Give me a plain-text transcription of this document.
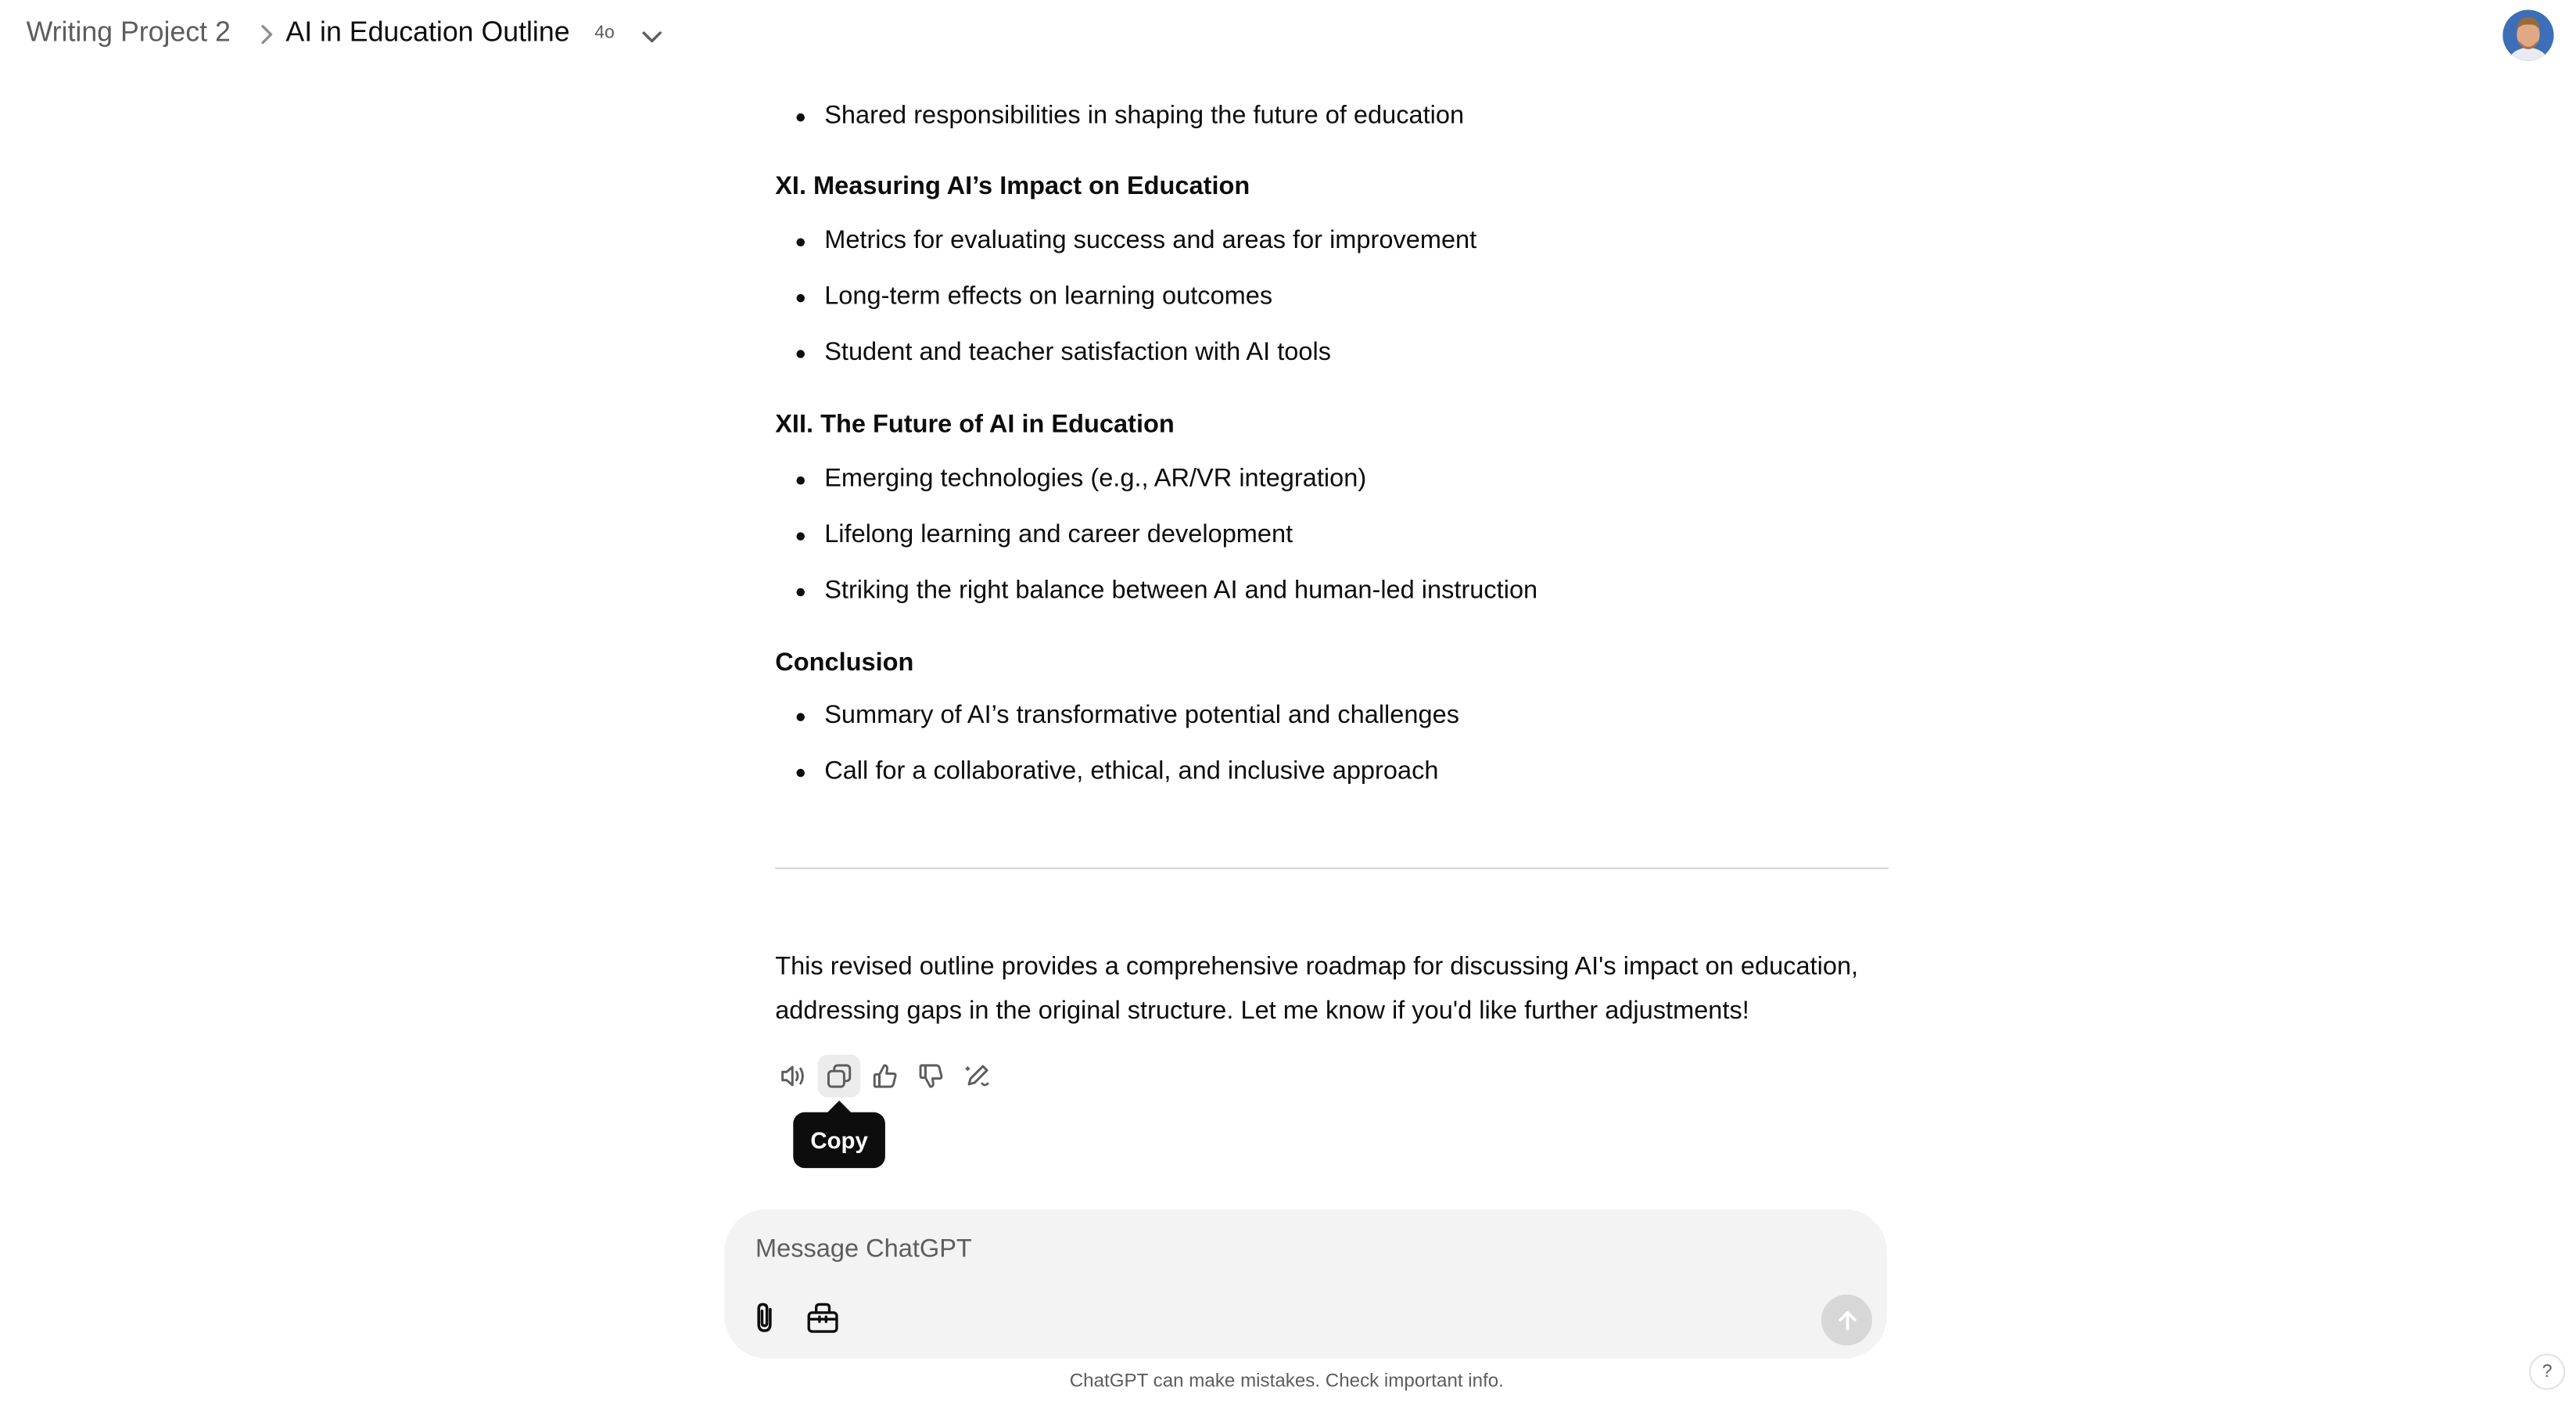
Writing Project 2	AI in Education Outline	4o
Shared responsibilities in shaping the future of education
XI. Measuring AI’s Impact on Education
Metrics for evaluating success and areas for improvement
Long-term effects on learning outcomes
Student and teacher satisfaction with AI tools
XII. The Future of AI in Education
Emerging technologies (e.g., AR/VR integration)
Lifelong learning and career development
Striking the right balance between AI and human-led instruction
Conclusion
Summary of AI’s transformative potential and challenges
Call for a collaborative, ethical, and inclusive approach
This revised outline provides a comprehensive roadmap for discussing AI's impact on education,
addressing gaps in the original structure. Let me know if you'd like further adjustments!
Copy
Message ChatGPT
ChatGPT can make mistakes. Check important info.	?
